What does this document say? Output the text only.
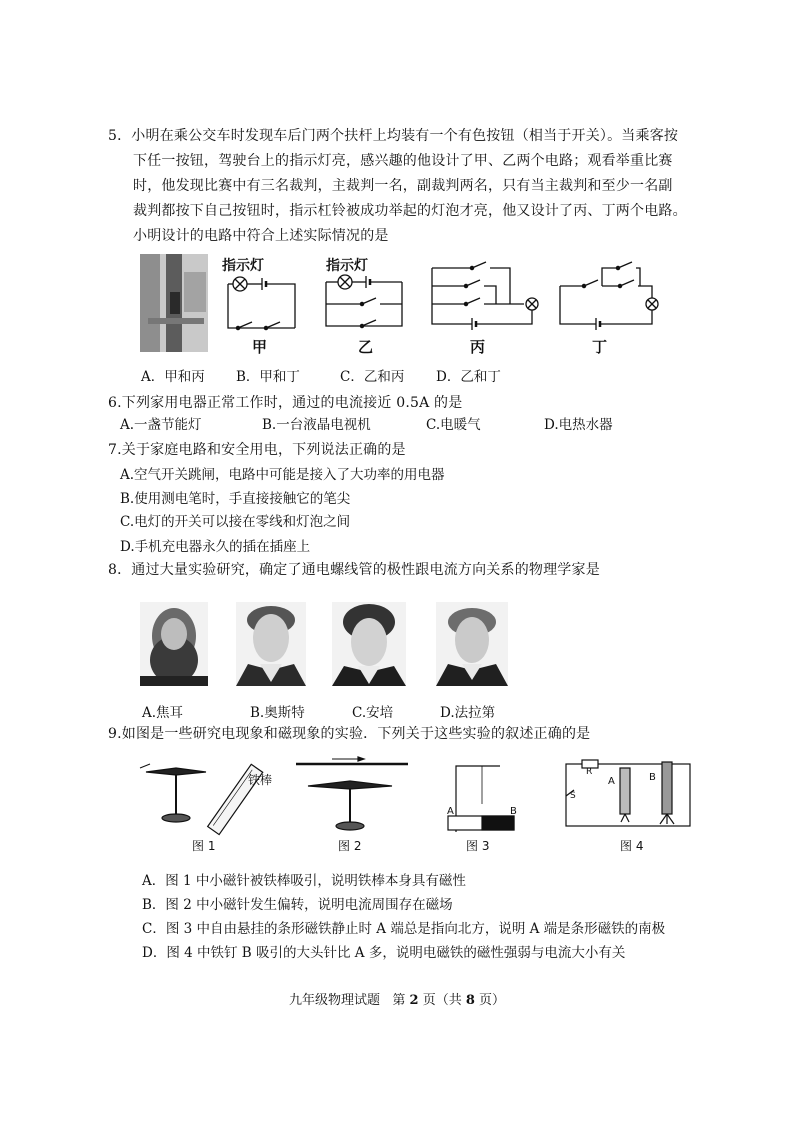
5．小明在乘公交车时发现车后门两个扶杆上均装有一个有色按钮（相当于开关）。当乘客按
下任一按钮，驾驶台上的指示灯亮，感兴趣的他设计了甲、乙两个电路；观看举重比赛
时，他发现比赛中有三名裁判，主裁判一名，副裁判两名，只有当主裁判和至少一名副
裁判都按下自己按钮时，指示杠铃被成功举起的灯泡才亮，他又设计了丙、丁两个电路。
小明设计的电路中符合上述实际情况的是
指示灯
甲
指示灯
乙	丙	丁
A．甲和丙 B．甲和丁	C．乙和丙 D．乙和丁
6.下列家用电器正常工作时，通过的电流接近 0.5A 的是
A.一盏节能灯	B.一台液晶电视机	C.电暖气	D.电热水器
7.关于家庭电路和安全用电，下列说法正确的是
A.空气开关跳闸，电路中可能是接入了大功率的用电器
B.使用测电笔时，手直接接触它的笔尖
C.电灯的开关可以接在零线和灯泡之间
D.手机充电器永久的插在插座上
8．通过大量实验研究，确定了通电螺线管的极性跟电流方向关系的物理学家是
A.焦耳	B.奥斯特	C.安培	D.法拉第
9.如图是一些研究电现象和磁现象的实验．下列关于这些实验的叙述正确的是
铁棒
A	B
R
S
A	B
图 1	图 2	图 3	图 4
A．图 1 中小磁针被铁棒吸引，说明铁棒本身具有磁性
B．图 2 中小磁针发生偏转，说明电流周围存在磁场
C．图 3 中自由悬挂的条形磁铁静止时 A 端总是指向北方，说明 A 端是条形磁铁的南极
D．图 4 中铁钉 B 吸引的大头针比 A 多，说明电磁铁的磁性强弱与电流大小有关
九年级物理试题 第 2 页（共 8 页）
